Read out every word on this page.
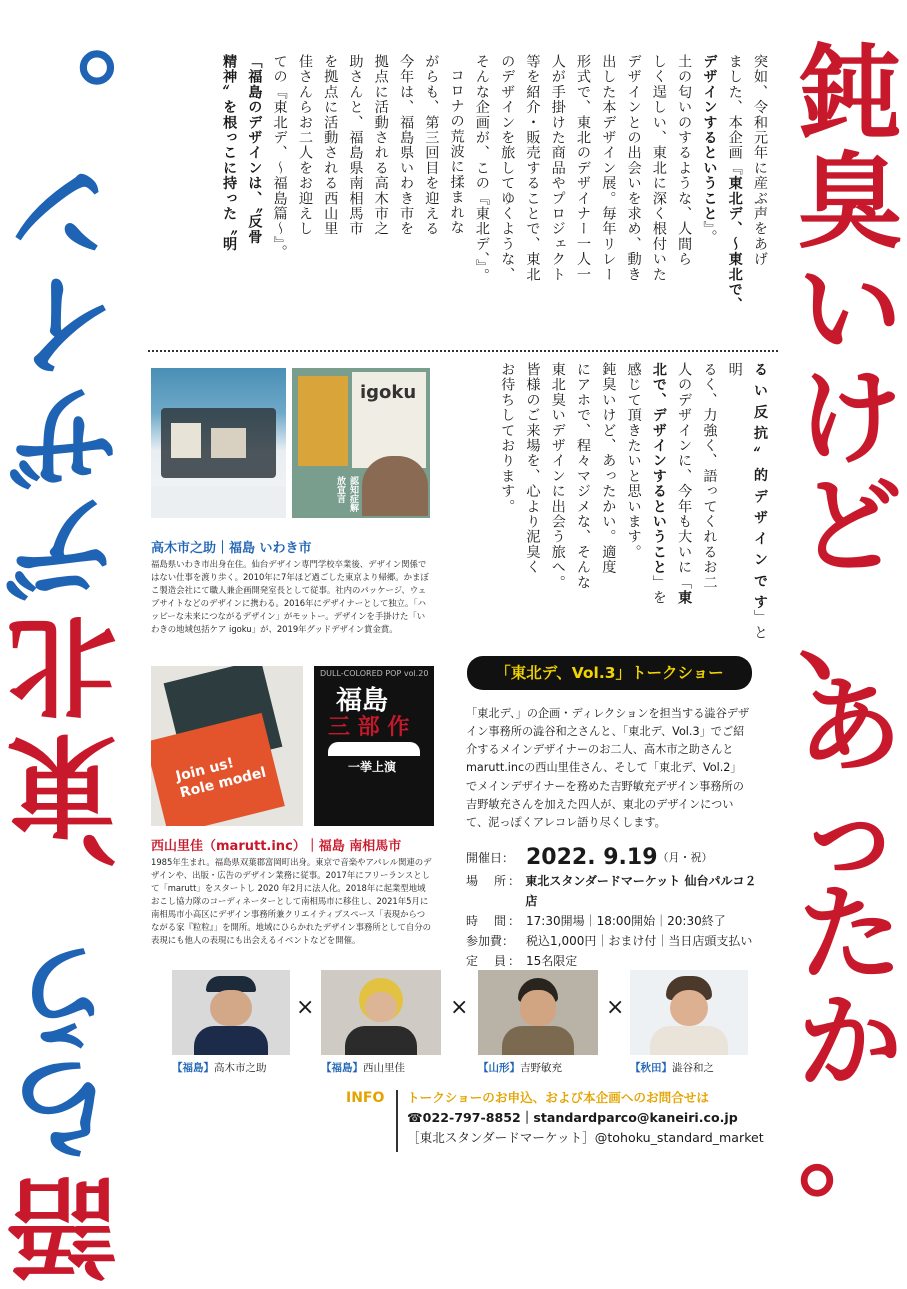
鈍
臭
い
け
ど
、
あ
っ
た
か
。
語
ら
う
、
東
北
デ
ザ
イ
ン
。	突如、令和元年に産ぶ声をあげ
ました、本企画『東北デ、〜東北で、
デザインするということ』。
土の匂いのするような、人間ら
しく逞しい、東北に深く根付いた
デザインとの出会いを求め、動き
出した本デザイン展。毎年リレー
形式で、東北のデザイナー一人一
人が手掛けた商品やプロジェクト
等を紹介・販売することで、東北
のデザインを旅してゆくような、
そんな企画が、この『東北デ、』。
コロナの荒波に揉まれな
がらも、第三回目を迎える
今年は、福島県いわき市を
拠点に活動される高木市之
助さんと、福島県南相馬市
を拠点に活動される西山里
佳さんらお二人をお迎えし
ての『東北デ、〜福島篇〜』。
「福島のデザインは、〝反骨
精神〟を根っこに持った〝明
る い 反 抗 〟 的 デ ザ イ ン で す」と明
るく、力強く、語ってくれるお二
人のデザインに、今年も大いに「東
北で、デザインするということ」を
感じて頂きたいと思います。
鈍臭いけど、あったかい。適度
にアホで、程々マジメな、そんな
東北臭いデザインに出会う旅へ。
皆様のご来場を、心より泥臭く
お待ちしております。
igoku
認知症解放宣言
高木市之助｜福島 いわき市
福島県いわき市出身在住。仙台デザイン専門学校卒業後、デザイン関係ではない仕事を渡り歩く。2010年に7年ほど過ごした東京より帰郷。かまぼこ製造会社にて職人兼企画開発室長として従事。社内のパッケージ、ウェブサイトなどのデザインに携わる。2016年にデザイナーとして独立。「ハッピーな未来につながるデザイン」がモットー。デザインを手掛けた「いわきの地域包括ケア igoku」が、2019年グッドデザイン賞金賞。
Join us! Role model
DULL-COLORED POP vol.20
福島
三 部 作
一挙上演
西山里佳（marutt.inc）｜福島 南相馬市
1985年生まれ。福島県双葉郡富岡町出身。東京で音楽やアパレル関連のデザインや、出版・広告のデザイン業務に従事。2017年にフリーランスとして「marutt」をスタートし 2020 年2月に法人化。2018年に起業型地域おこし協力隊のコーディネーターとして南相馬市に移住し、2021年5月に南相馬市小高区にデザイン事務所兼クリエイティブスペース「表現からつながる家『粒粒』」を開所。地域にひらかれたデザイン事務所として自分の表現にも他人の表現にも出会えるイベントなどを開催。
「東北デ、Vol.3」トークショー
「東北デ、」の企画・ディレクションを担当する澁谷デザイン事務所の澁谷和之さんと、「東北デ、Vol.3」でご紹介するメインデザイナーのお二人、高木市之助さんとmarutt.incの西山里佳さん、そして「東北デ、Vol.2」でメインデザイナーを務めた吉野敏充デザイン事務所の吉野敏充さんを加えた四人が、東北のデザインについて、泥っぽくアレコレ語り尽くします。
開催日： 2022. 9.19 （月・祝）
場　所： 東北スタンダードマーケット 仙台パルコ２店
時　間： 17:30開場｜18:00開始｜20:30終了
参加費： 税込1,000円｜おまけ付｜当日店頭支払い
定　員： 15名限定
×	×	×
【福島】高木市之助	【福島】西山里佳	【山形】吉野敏充	【秋田】澁谷和之
INFO トークショーのお申込、および本企画へのお問合せは
☎022-797-8852｜standardparco@kaneiri.co.jp
［東北スタンダードマーケット］@tohoku_standard_market
